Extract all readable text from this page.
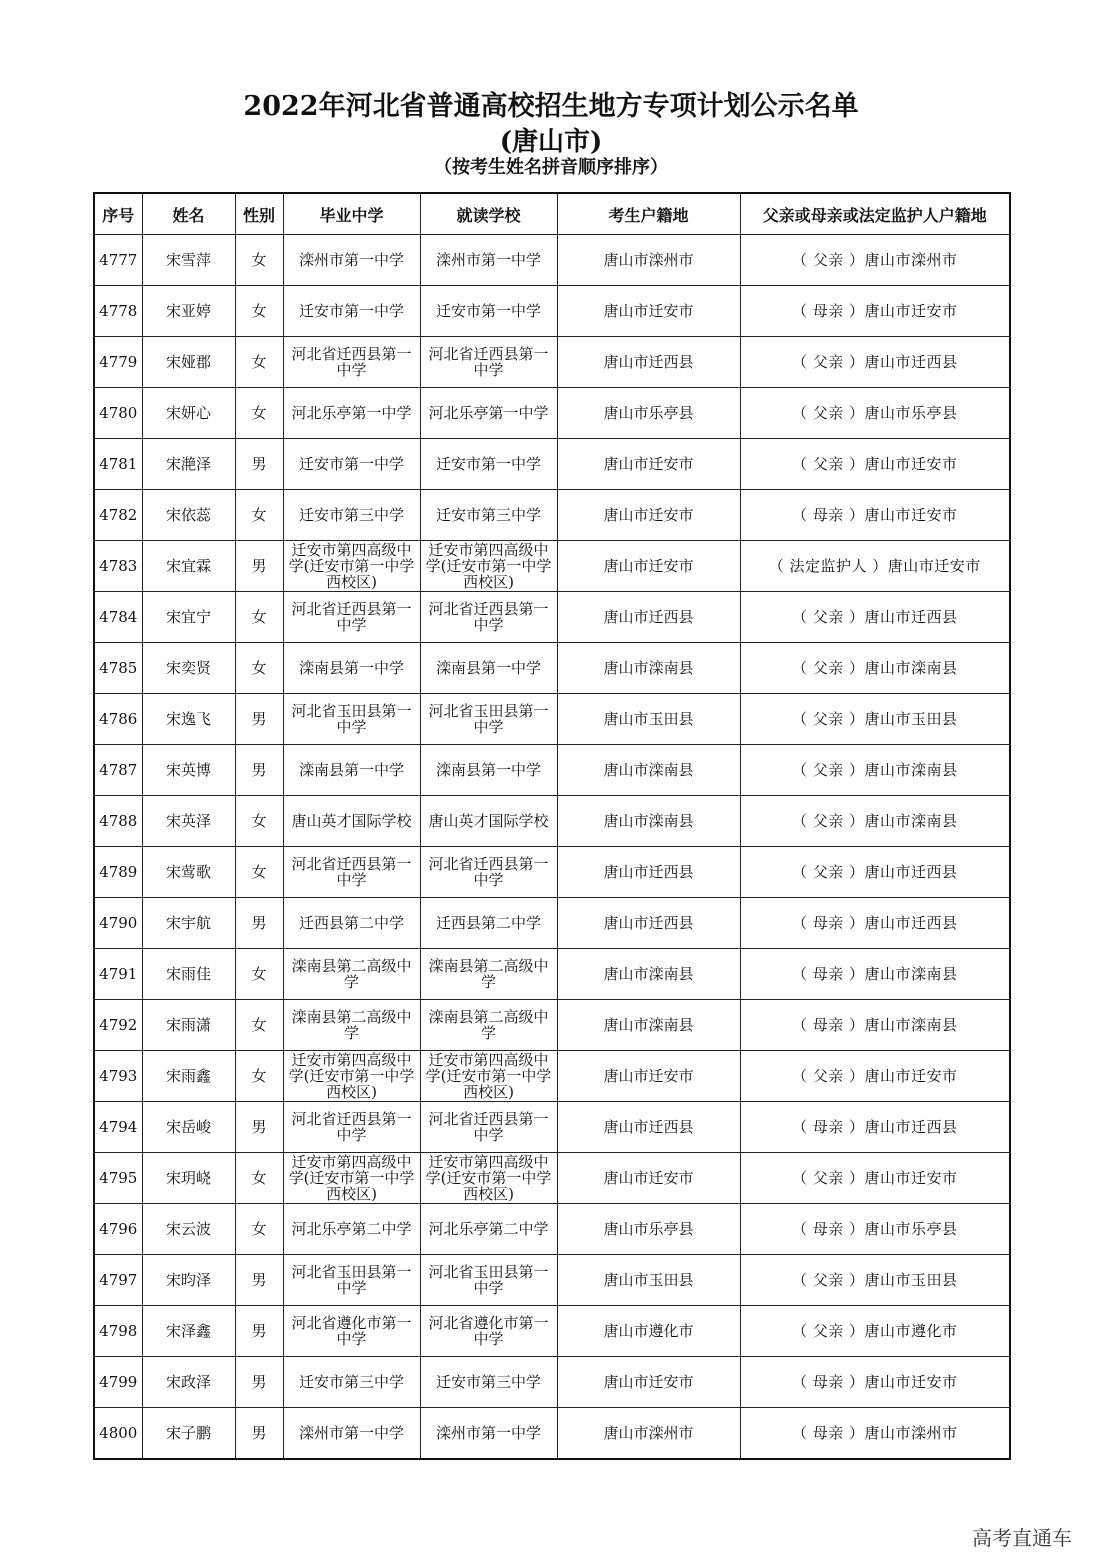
2022年河北省普通高校招生地方专项计划公示名单
(唐山市)
（按考生姓名拼音顺序排序）
序号	姓名	性别	毕业中学	就读学校	考生户籍地	父亲或母亲或法定监护人户籍地
4777	宋雪萍	女	滦州市第一中学	滦州市第一中学	唐山市滦州市	（ 父亲 ）唐山市滦州市
4778	宋亚婷	女	迁安市第一中学	迁安市第一中学	唐山市迁安市	（ 母亲 ）唐山市迁安市
4779	宋娅郡	女	河北省迁西县第一中学	河北省迁西县第一中学	唐山市迁西县	（ 父亲 ）唐山市迁西县
4780	宋妍心	女	河北乐亭第一中学	河北乐亭第一中学	唐山市乐亭县	（ 父亲 ）唐山市乐亭县
4781	宋滟泽	男	迁安市第一中学	迁安市第一中学	唐山市迁安市	（ 父亲 ）唐山市迁安市
4782	宋依蕊	女	迁安市第三中学	迁安市第三中学	唐山市迁安市	（ 母亲 ）唐山市迁安市
4783	宋宜霖	男	迁安市第四高级中学(迁安市第一中学西校区)	迁安市第四高级中学(迁安市第一中学西校区)	唐山市迁安市	（ 法定监护人 ）唐山市迁安市
4784	宋宜宁	女	河北省迁西县第一中学	河北省迁西县第一中学	唐山市迁西县	（ 父亲 ）唐山市迁西县
4785	宋奕贤	女	滦南县第一中学	滦南县第一中学	唐山市滦南县	（ 父亲 ）唐山市滦南县
4786	宋逸飞	男	河北省玉田县第一中学	河北省玉田县第一中学	唐山市玉田县	（ 父亲 ）唐山市玉田县
4787	宋英博	男	滦南县第一中学	滦南县第一中学	唐山市滦南县	（ 父亲 ）唐山市滦南县
4788	宋英泽	女	唐山英才国际学校	唐山英才国际学校	唐山市滦南县	（ 父亲 ）唐山市滦南县
4789	宋莺歌	女	河北省迁西县第一中学	河北省迁西县第一中学	唐山市迁西县	（ 父亲 ）唐山市迁西县
4790	宋宇航	男	迁西县第二中学	迁西县第二中学	唐山市迁西县	（ 母亲 ）唐山市迁西县
4791	宋雨佳	女	滦南县第二高级中学	滦南县第二高级中学	唐山市滦南县	（ 母亲 ）唐山市滦南县
4792	宋雨潇	女	滦南县第二高级中学	滦南县第二高级中学	唐山市滦南县	（ 母亲 ）唐山市滦南县
4793	宋雨鑫	女	迁安市第四高级中学(迁安市第一中学西校区)	迁安市第四高级中学(迁安市第一中学西校区)	唐山市迁安市	（ 父亲 ）唐山市迁安市
4794	宋岳峻	男	河北省迁西县第一中学	河北省迁西县第一中学	唐山市迁西县	（ 母亲 ）唐山市迁西县
4795	宋玥峣	女	迁安市第四高级中学(迁安市第一中学西校区)	迁安市第四高级中学(迁安市第一中学西校区)	唐山市迁安市	（ 父亲 ）唐山市迁安市
4796	宋云波	女	河北乐亭第二中学	河北乐亭第二中学	唐山市乐亭县	（ 母亲 ）唐山市乐亭县
4797	宋昀泽	男	河北省玉田县第一中学	河北省玉田县第一中学	唐山市玉田县	（ 父亲 ）唐山市玉田县
4798	宋泽鑫	男	河北省遵化市第一中学	河北省遵化市第一中学	唐山市遵化市	（ 父亲 ）唐山市遵化市
4799	宋政泽	男	迁安市第三中学	迁安市第三中学	唐山市迁安市	（ 母亲 ）唐山市迁安市
4800	宋子鹏	男	滦州市第一中学	滦州市第一中学	唐山市滦州市	（ 母亲 ）唐山市滦州市
高考直通车
